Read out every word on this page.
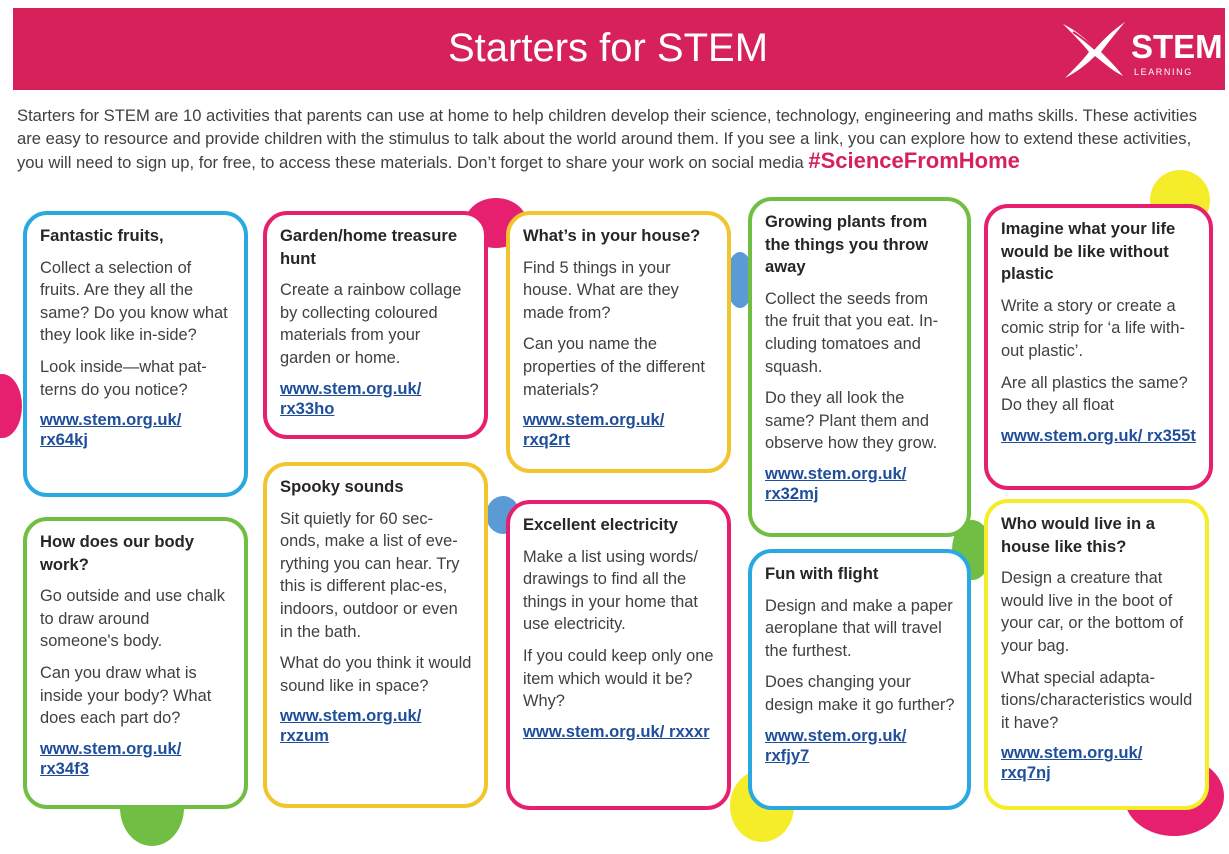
Starters for STEM	STEM
LEARNING
Starters for STEM are 10 activities that parents can use at home to help children develop their science, technology, engineering and maths skills. These activities are easy to resource and provide children with the stimulus to talk about the world around them. If you see a link, you can explore how to extend these activities, you will need to sign up, for free, to access these materials. Don’t forget to share your work on social media #ScienceFromHome
Fantastic fruits,

Collect a selection of fruits. Are they all the same? Do you know what they look like in-side?

Look inside—what pat-terns do you notice?

www.stem.org.uk/ rx64kj
How does our body work?

Go outside and use chalk to draw around someone's body.

Can you draw what is inside your body? What does each part do?

www.stem.org.uk/ rx34f3
Garden/home treasure hunt

Create a rainbow collage by collecting coloured materials from your garden or home.

www.stem.org.uk/ rx33ho
Spooky sounds

Sit quietly for 60 sec-onds, make a list of eve-rything you can hear. Try this is different plac-es, indoors, outdoor or even in the bath.

What do you think it would sound like in space?

www.stem.org.uk/ rxzum
What’s in your house?

Find 5 things in your house. What are they made from?

Can you name the properties of the different materials?

www.stem.org.uk/ rxq2rt
Excellent electricity

Make a list using words/ drawings to find all the things in your home that use electricity.

If you could keep only one item which would it be? Why?

www.stem.org.uk/ rxxxr
Growing plants from the things you throw away

Collect the seeds from the fruit that you eat. In-cluding tomatoes and squash.

Do they all look the same? Plant them and observe how they grow.

www.stem.org.uk/ rx32mj
Fun with flight

Design and make a paper aeroplane that will travel the furthest.

Does changing your design make it go further?

www.stem.org.uk/ rxfjy7
Imagine what your life would be like without plastic

Write a story or create a comic strip for ‘a life with-out plastic’.

Are all plastics the same? Do they all float

www.stem.org.uk/ rx355t
Who would live in a house like this?

Design a creature that would live in the boot of your car, or the bottom of your bag.

What special adapta-tions/characteristics would it have?

www.stem.org.uk/ rxq7nj
